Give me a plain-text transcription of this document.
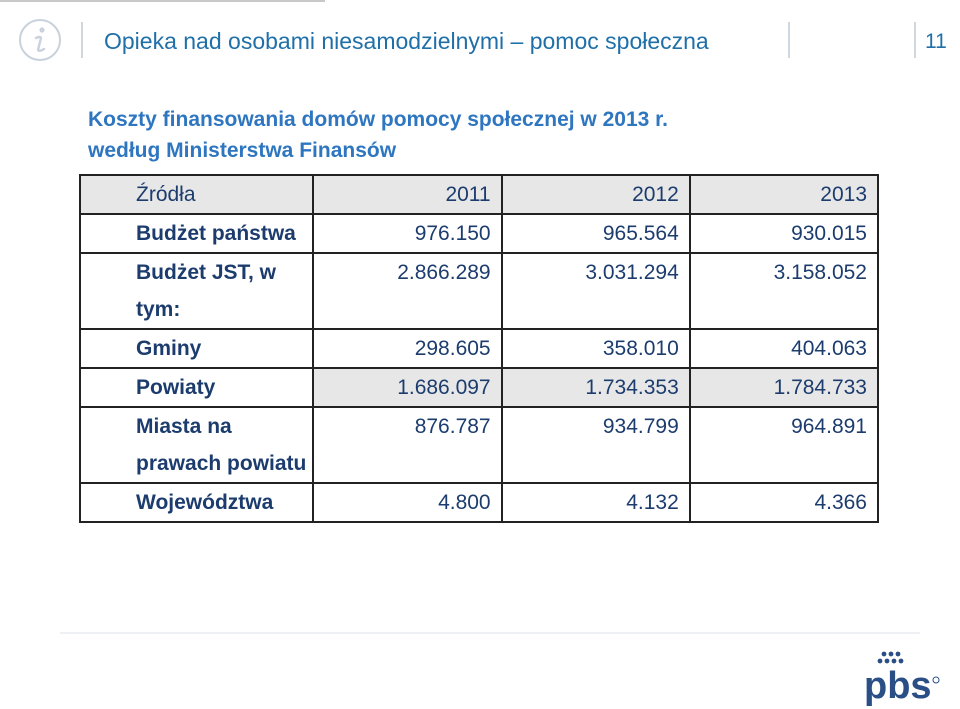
Opieka nad osobami niesamodzielnymi – pomoc społeczna	11
Koszty finansowania domów pomocy społecznej w 2013 r.
według Ministerstwa Finansów
Źródła	2011	2012	2013
Budżet państwa	976.150	965.564	930.015
Budżet JST, w tym:	2.866.289	3.031.294	3.158.052
Gminy	298.605	358.010	404.063
Powiaty	1.686.097	1.734.353	1.784.733
Miasta na prawach powiatu	876.787	934.799	964.891
Województwa	4.800	4.132	4.366
pbs
